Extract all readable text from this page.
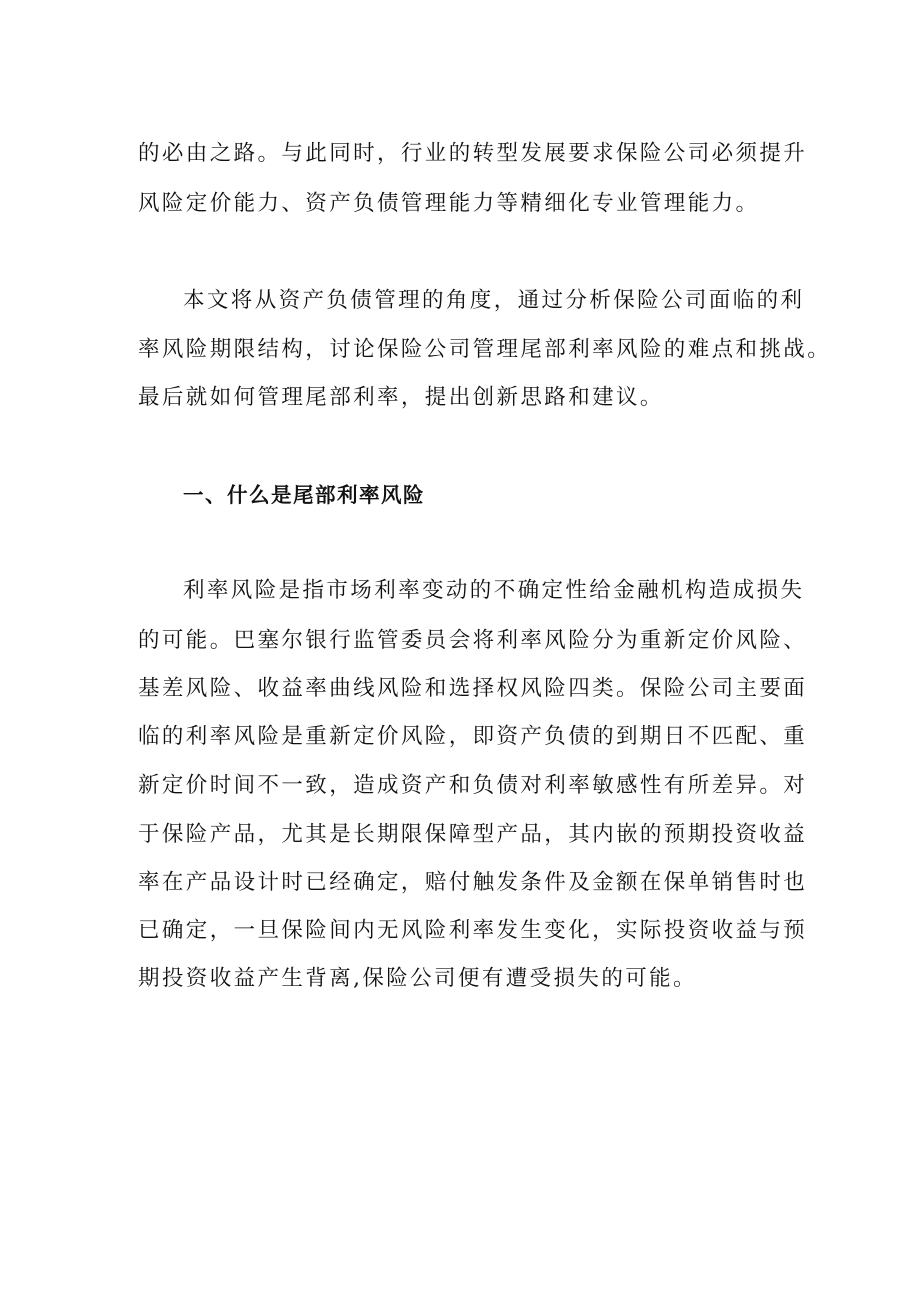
的必由之路。与此同时，行业的转型发展要求保险公司必须提升
风险定价能力、资产负债管理能力等精细化专业管理能力。
本文将从资产负债管理的角度，通过分析保险公司面临的利
率风险期限结构，讨论保险公司管理尾部利率风险的难点和挑战。
最后就如何管理尾部利率，提出创新思路和建议。
一、什么是尾部利率风险
利率风险是指市场利率变动的不确定性给金融机构造成损失
的可能。巴塞尔银行监管委员会将利率风险分为重新定价风险、
基差风险、收益率曲线风险和选择权风险四类。保险公司主要面
临的利率风险是重新定价风险，即资产负债的到期日不匹配、重
新定价时间不一致，造成资产和负债对利率敏感性有所差异。对
于保险产品，尤其是长期限保障型产品，其内嵌的预期投资收益
率在产品设计时已经确定，赔付触发条件及金额在保单销售时也
已确定，一旦保险间内无风险利率发生变化，实际投资收益与预
期投资收益产生背离,保险公司便有遭受损失的可能。
